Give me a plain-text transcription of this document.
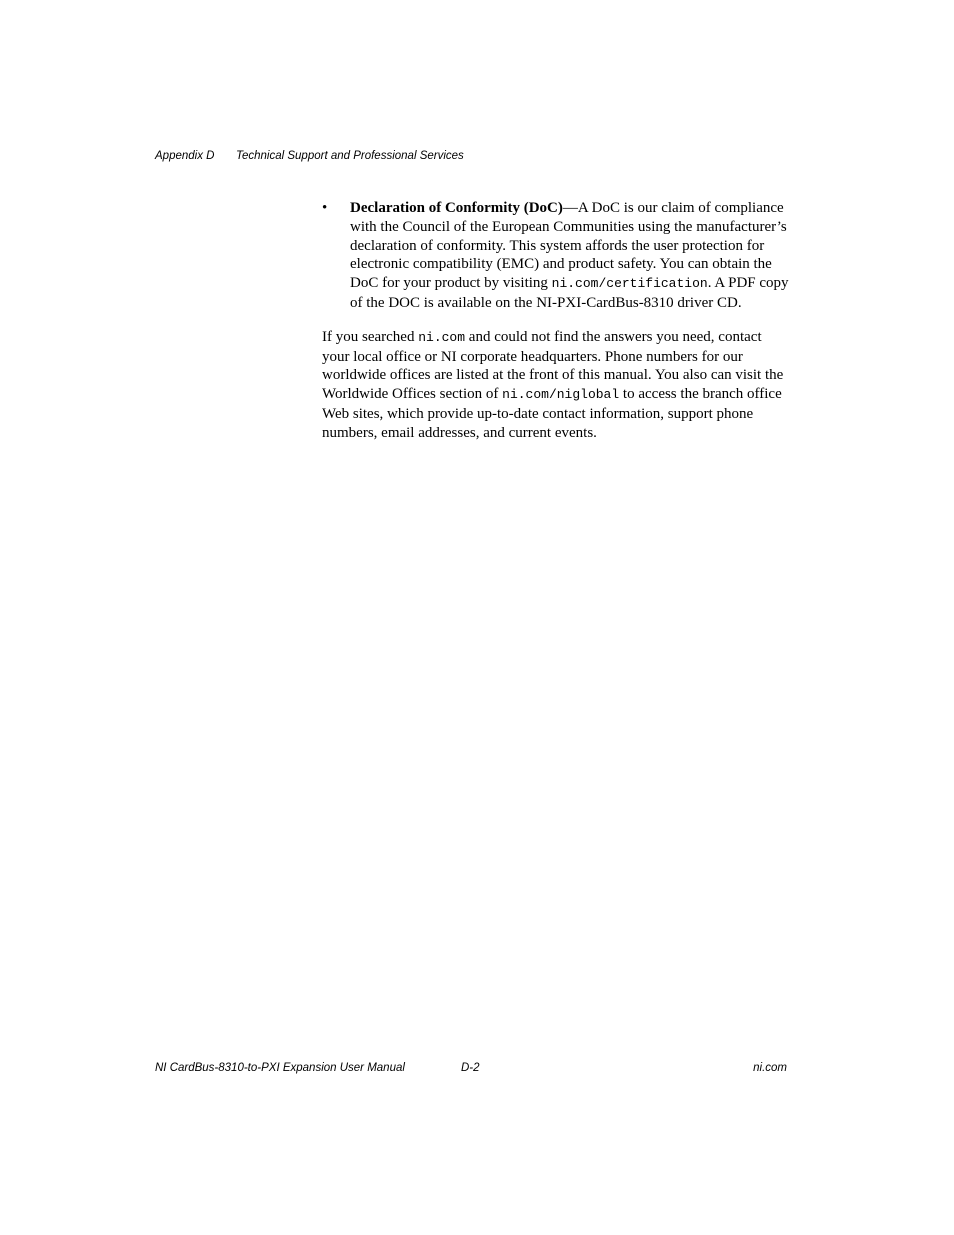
Appendix D Technical Support and Professional Services
• Declaration of Conformity (DoC)—A DoC is our claim of compliance with the Council of the European Communities using the manufacturer’s declaration of conformity. This system affords the user protection for electronic compatibility (EMC) and product safety. You can obtain the DoC for your product by visiting ni.com/certification. A PDF copy of the DOC is available on the NI-PXI-CardBus-8310 driver CD.

If you searched ni.com and could not find the answers you need, contact your local office or NI corporate headquarters. Phone numbers for our worldwide offices are listed at the front of this manual. You also can visit the Worldwide Offices section of ni.com/niglobal to access the branch office Web sites, which provide up-to-date contact information, support phone numbers, email addresses, and current events.

NI CardBus-8310-to-PXI Expansion User Manual	D-2	ni.com
